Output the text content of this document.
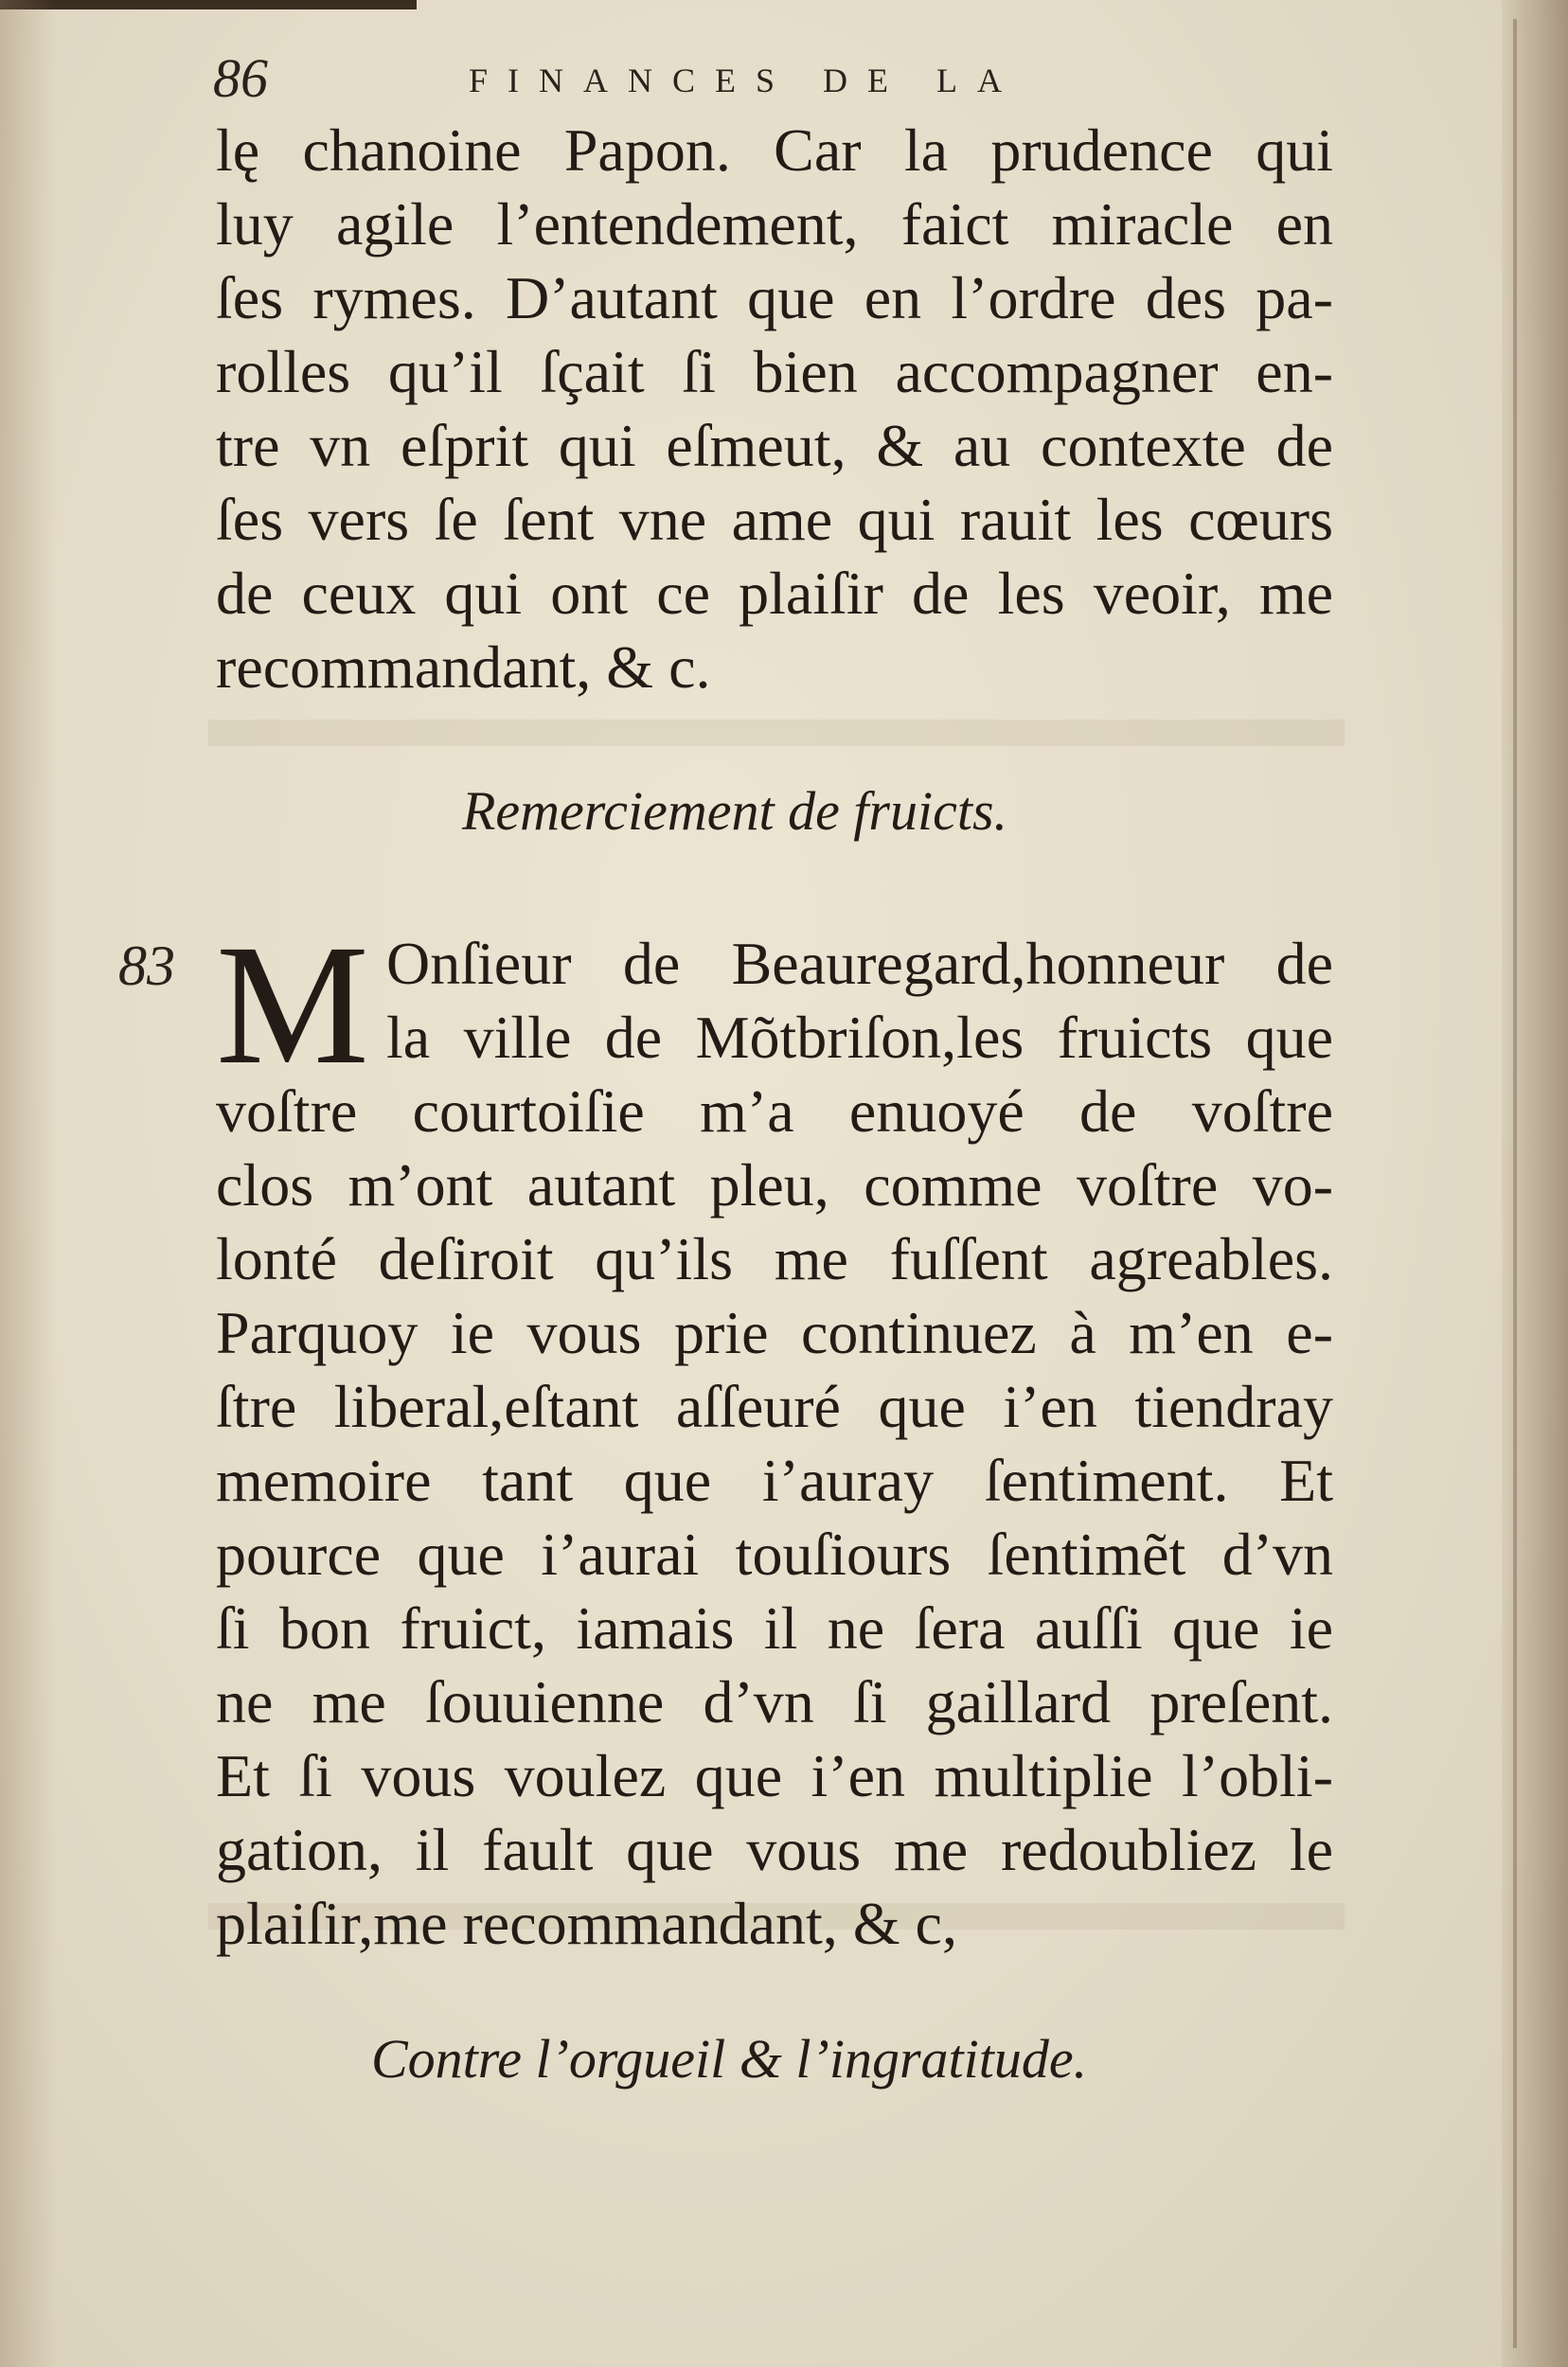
86	FINANCES DE LA
lę chanoine Papon. Car la prudence qui
luy agile l’entendement, faict miracle en
ſes rymes. D’autant que en l’ordre des pa-
rolles qu’il ſçait ſi bien accompagner en-
tre vn eſprit qui eſmeut, & au contexte de
ſes vers ſe ſent vne ame qui rauit les cœurs
de ceux qui ont ce plaiſir de les veoir, me
recommandant, & c.
Remerciement de fruicts.
83 M Onſieur de Beauregard,honneur de
la ville de Mõtbriſon,les fruicts que
voſtre courtoiſie m’a enuoyé de voſtre
clos m’ont autant pleu, comme voſtre vo-
lonté deſiroit qu’ils me fuſſent agreables.
Parquoy ie vous prie continuez à m’en e-
ſtre liberal,eſtant aſſeuré que i’en tiendray
memoire tant que i’auray ſentiment. Et
pource que i’aurai touſiours ſentimẽt d’vn
ſi bon fruict, iamais il ne ſera auſſi que ie
ne me ſouuienne d’vn ſi gaillard preſent.
Et ſi vous voulez que i’en multiplie l’obli-
gation, il fault que vous me redoubliez le
plaiſir,me recommandant, & c,
Contre l’orgueil & l’ingratitude.
